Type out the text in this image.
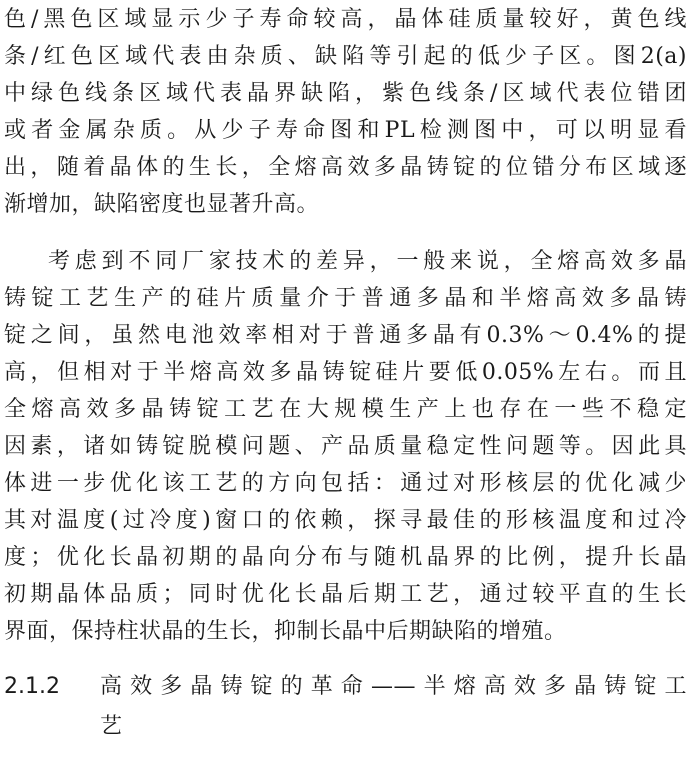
色/黑色区域显示少子寿命较高，晶体硅质量较好，黄色线
条/红色区域代表由杂质、缺陷等引起的低少子区。图2(a)
中绿色线条区域代表晶界缺陷，紫色线条/区域代表位错团
或者金属杂质。从少子寿命图和PL检测图中，可以明显看
出，随着晶体的生长，全熔高效多晶铸锭的位错分布区域逐
渐增加，缺陷密度也显著升高。
考虑到不同厂家技术的差异，一般来说，全熔高效多晶
铸锭工艺生产的硅片质量介于普通多晶和半熔高效多晶铸
锭之间，虽然电池效率相对于普通多晶有0.3%～0.4%的提
高，但相对于半熔高效多晶铸锭硅片要低0.05%左右。而且
全熔高效多晶铸锭工艺在大规模生产上也存在一些不稳定
因素，诸如铸锭脱模问题、产品质量稳定性问题等。因此具
体进一步优化该工艺的方向包括：通过对形核层的优化减少
其对温度(过冷度)窗口的依赖，探寻最佳的形核温度和过冷
度；优化长晶初期的晶向分布与随机晶界的比例，提升长晶
初期晶体品质；同时优化长晶后期工艺，通过较平直的生长
界面，保持柱状晶的生长，抑制长晶中后期缺陷的增殖。
2.1.2 高效多晶铸锭的革命——半熔高效多晶铸锭工
艺
